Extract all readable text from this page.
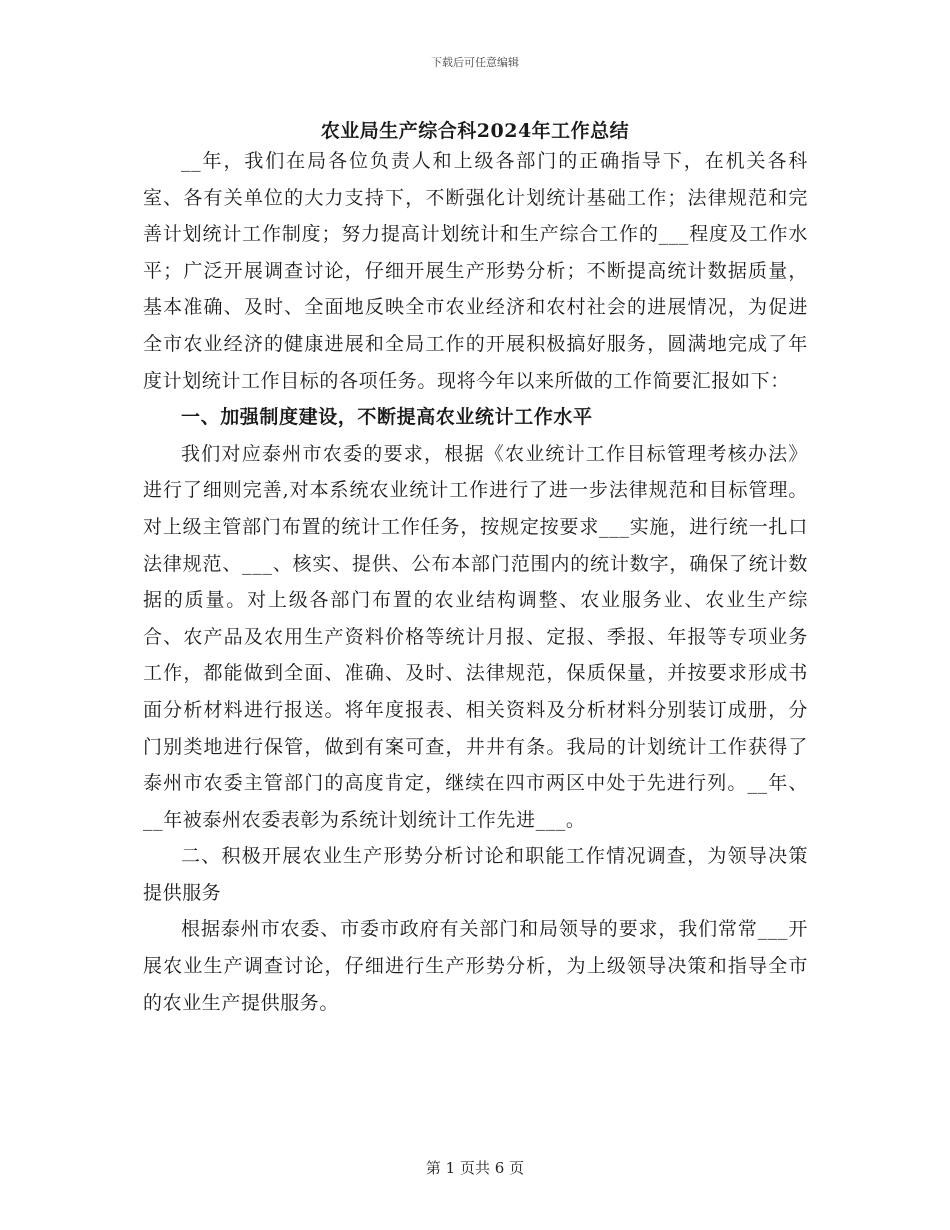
下载后可任意编辑
农业局生产综合科2024年工作总结

__年，我们在局各位负责人和上级各部门的正确指导下，在机关各科室、各有关单位的大力支持下，不断强化计划统计基础工作；法律规范和完善计划统计工作制度；努力提高计划统计和生产综合工作的___程度及工作水平；广泛开展调查讨论，仔细开展生产形势分析；不断提高统计数据质量，基本准确、及时、全面地反映全市农业经济和农村社会的进展情况，为促进全市农业经济的健康进展和全局工作的开展积极搞好服务，圆满地完成了年度计划统计工作目标的各项任务。现将今年以来所做的工作简要汇报如下：

一、加强制度建设，不断提高农业统计工作水平

我们对应泰州市农委的要求，根据《农业统计工作目标管理考核办法》进行了细则完善,对本系统农业统计工作进行了进一步法律规范和目标管理。对上级主管部门布置的统计工作任务，按规定按要求___实施，进行统一扎口法律规范、___、核实、提供、公布本部门范围内的统计数字，确保了统计数据的质量。对上级各部门布置的农业结构调整、农业服务业、农业生产综合、农产品及农用生产资料价格等统计月报、定报、季报、年报等专项业务工作，都能做到全面、准确、及时、法律规范，保质保量，并按要求形成书面分析材料进行报送。将年度报表、相关资料及分析材料分别装订成册，分门别类地进行保管，做到有案可查，井井有条。我局的计划统计工作获得了泰州市农委主管部门的高度肯定，继续在四市两区中处于先进行列。__年、__年被泰州农委表彰为系统计划统计工作先进___。

二、积极开展农业生产形势分析讨论和职能工作情况调查，为领导决策提供服务

根据泰州市农委、市委市政府有关部门和局领导的要求，我们常常___开展农业生产调查讨论，仔细进行生产形势分析，为上级领导决策和指导全市的农业生产提供服务。

第 1 页共 6 页
